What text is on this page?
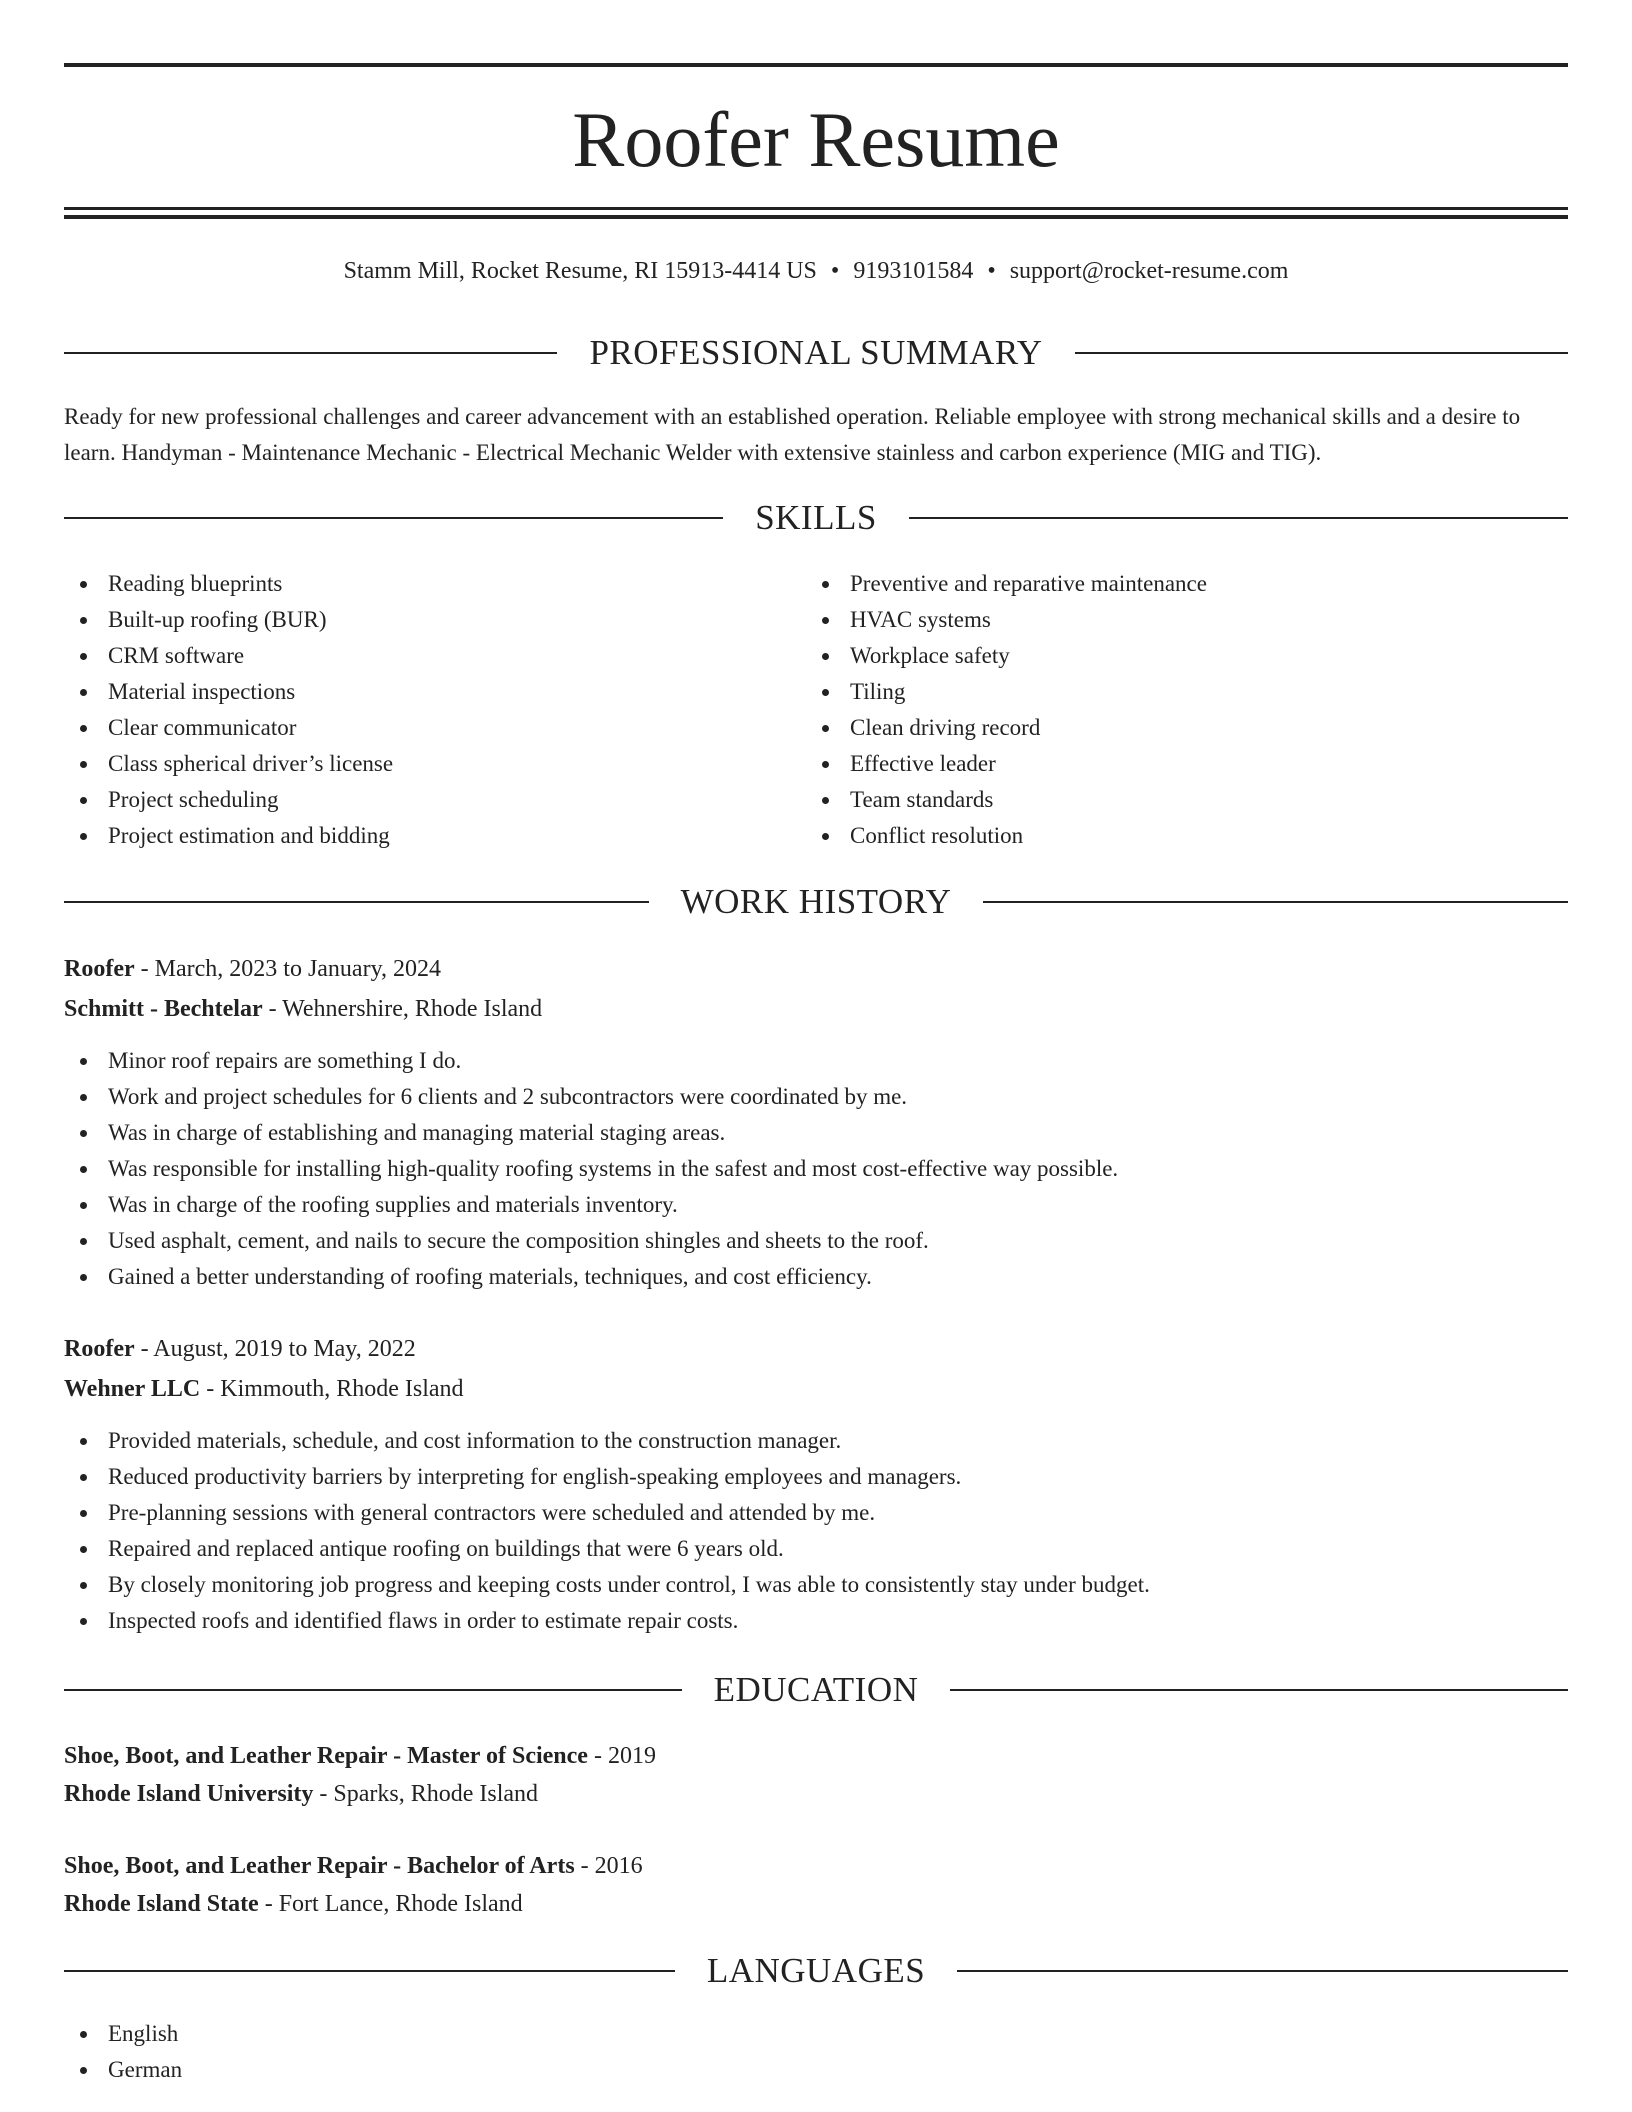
Roofer Resume
Stamm Mill, Rocket Resume, RI 15913-4414 US • 9193101584 • support@rocket-resume.com
PROFESSIONAL SUMMARY

Ready for new professional challenges and career advancement with an established operation. Reliable employee with strong mechanical skills and a desire to learn. Handyman - Maintenance Mechanic - Electrical Mechanic Welder with extensive stainless and carbon experience (MIG and TIG).

SKILLS
Reading blueprints
Built-up roofing (BUR)
CRM software
Material inspections
Clear communicator
Class spherical driver’s license
Project scheduling
Project estimation and bidding
Preventive and reparative maintenance
HVAC systems
Workplace safety
Tiling
Clean driving record
Effective leader
Team standards
Conflict resolution
WORK HISTORY
Roofer - March, 2023 to January, 2024
Schmitt - Bechtelar - Wehnershire, Rhode Island
Minor roof repairs are something I do.
Work and project schedules for 6 clients and 2 subcontractors were coordinated by me.
Was in charge of establishing and managing material staging areas.
Was responsible for installing high-quality roofing systems in the safest and most cost-effective way possible.
Was in charge of the roofing supplies and materials inventory.
Used asphalt, cement, and nails to secure the composition shingles and sheets to the roof.
Gained a better understanding of roofing materials, techniques, and cost efficiency.
Roofer - August, 2019 to May, 2022
Wehner LLC - Kimmouth, Rhode Island
Provided materials, schedule, and cost information to the construction manager.
Reduced productivity barriers by interpreting for english-speaking employees and managers.
Pre-planning sessions with general contractors were scheduled and attended by me.
Repaired and replaced antique roofing on buildings that were 6 years old.
By closely monitoring job progress and keeping costs under control, I was able to consistently stay under budget.
Inspected roofs and identified flaws in order to estimate repair costs.
EDUCATION
Shoe, Boot, and Leather Repair - Master of Science - 2019
Rhode Island University - Sparks, Rhode Island
Shoe, Boot, and Leather Repair - Bachelor of Arts - 2016
Rhode Island State - Fort Lance, Rhode Island
LANGUAGES
English
German
